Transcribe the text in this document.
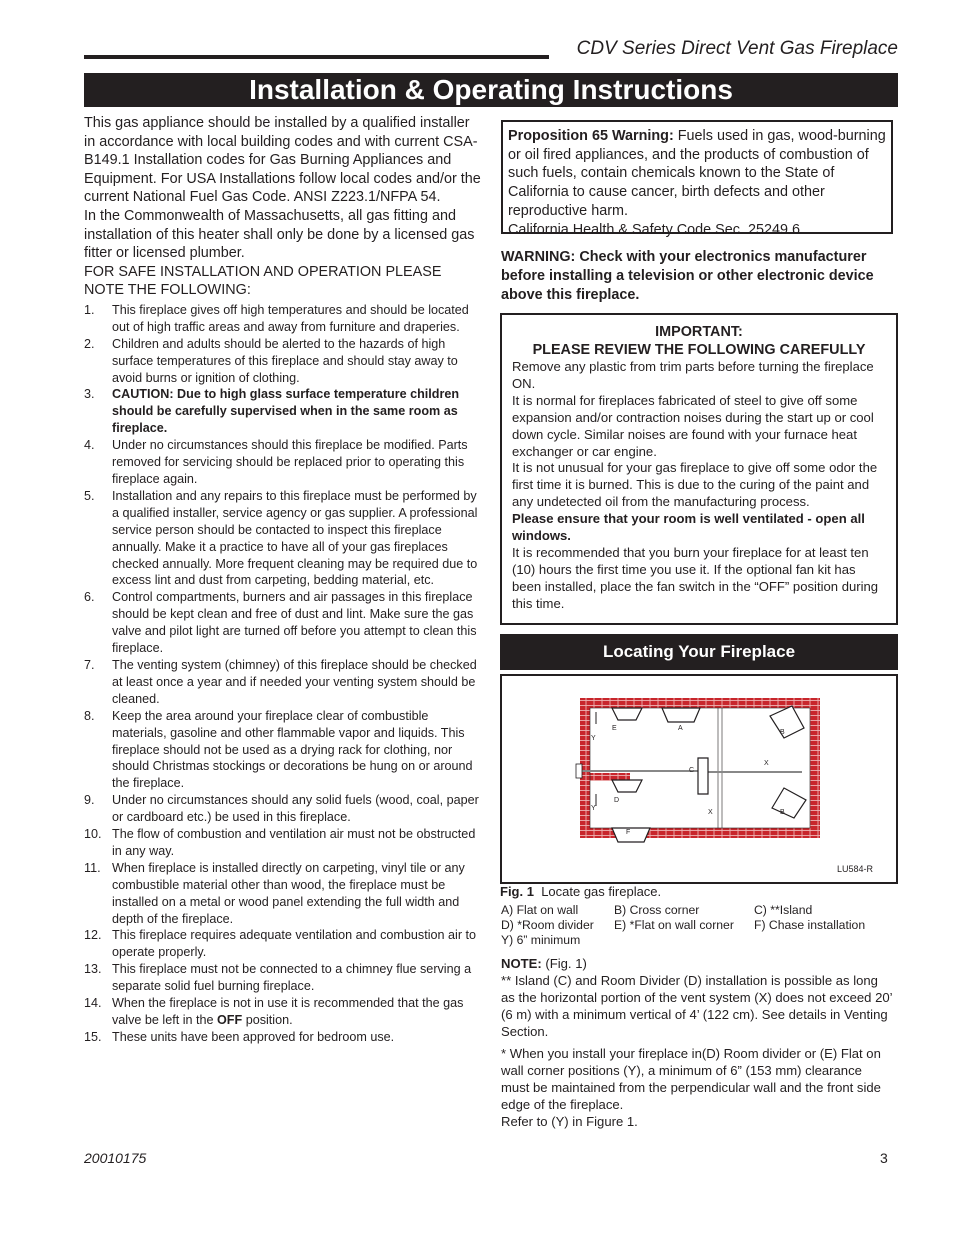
CDV Series Direct Vent Gas Fireplace
Installation & Operating Instructions

This gas appliance should be installed by a qualified installer in accordance with local building codes and with current CSA-B149.1 Installation codes for Gas Burning Appliances and Equipment. For USA Installations follow local codes and/or the current National Fuel Gas Code. ANSI Z223.1/NFPA 54.

In the Commonwealth of Massachusetts, all gas fitting and installation of this heater shall only be done by a licensed gas fitter or licensed plumber.

FOR SAFE INSTALLATION AND OPERATION PLEASE NOTE THE FOLLOWING:

1. This fireplace gives off high temperatures and should be located out of high traffic areas and away from furniture and draperies.
2. Children and adults should be alerted to the hazards of high surface temperatures of this fireplace and should stay away to avoid burns or ignition of clothing.
3. CAUTION: Due to high glass surface temperature children should be carefully supervised when in the same room as fireplace.
4. Under no circumstances should this fireplace be modified. Parts removed for servicing should be replaced prior to operating this fireplace again.
5. Installation and any repairs to this fireplace must be performed by a qualified installer, service agency or gas supplier. A professional service person should be contacted to inspect this fireplace annually. Make it a practice to have all of your gas fireplaces checked annually. More frequent cleaning may be required due to excess lint and dust from carpeting, bedding material, etc.
6. Control compartments, burners and air passages in this fireplace should be kept clean and free of dust and lint. Make sure the gas valve and pilot light are turned off before you attempt to clean this fireplace.
7. The venting system (chimney) of this fireplace should be checked at least once a year and if needed your venting system should be cleaned.
8. Keep the area around your fireplace clear of combustible materials, gasoline and other flammable vapor and liquids. This fireplace should not be used as a drying rack for clothing, nor should Christmas stockings or decorations be hung on or around the fireplace.
9. Under no circumstances should any solid fuels (wood, coal, paper or cardboard etc.) be used in this fireplace.
10. The flow of combustion and ventilation air must not be obstructed in any way.
11. When fireplace is installed directly on carpeting, vinyl tile or any combustible material other than wood, the fireplace must be installed on a metal or wood panel extending the full width and depth of the fireplace.
12. This fireplace requires adequate ventilation and combustion air to operate properly.
13. This fireplace must not be connected to a chimney flue serving a separate solid fuel burning fireplace.
14. When the fireplace is not in use it is recommended that the gas valve be left in the OFF position.
15. These units have been approved for bedroom use.
Proposition 65 Warning: Fuels used in gas, wood-burning or oil fired appliances, and the products of combustion of such fuels, contain chemicals known to the State of California to cause cancer, birth defects and other reproductive harm.
California Health & Safety Code Sec. 25249.6
WARNING: Check with your electronics manufacturer before installing a television or other electronic device above this fireplace.
IMPORTANT:
PLEASE REVIEW THE FOLLOWING CAREFULLY

Remove any plastic from trim parts before turning the fireplace ON.

It is normal for fireplaces fabricated of steel to give off some expansion and/or contraction noises during the start up or cool down cycle. Similar noises are found with your furnace heat exchanger or car engine.

It is not unusual for your gas fireplace to give off some odor the first time it is burned. This is due to the curing of the paint and any undetected oil from the manufacturing process.

Please ensure that your room is well ventilated - open all windows.

It is recommended that you burn your fireplace for at least ten (10) hours the first time you use it. If the optional fan kit has been installed, place the fan switch in the “OFF” position during this time.

Locating Your Fireplace
E	A
B
Y
C
X
D
X	B
Y
F
LU584-R
Fig. 1 Locate gas fireplace.
A) Flat on wall	B) Cross corner	C) **Island
D) *Room divider E) *Flat on wall corner F) Chase installation
Y) 6” minimum

NOTE: (Fig. 1)

** Island (C) and Room Divider (D) installation is possible as long as the horizontal portion of the vent system (X) does not exceed 20’ (6 m) with a minimum vertical of 4’ (122 cm). See details in Venting Section.

* When you install your fireplace in(D) Room divider or (E) Flat on wall corner positions (Y), a minimum of 6” (153 mm) clearance must be maintained from the perpendicular wall and the front side edge of the fireplace.

Refer to (Y) in Figure 1.

20010175	3
